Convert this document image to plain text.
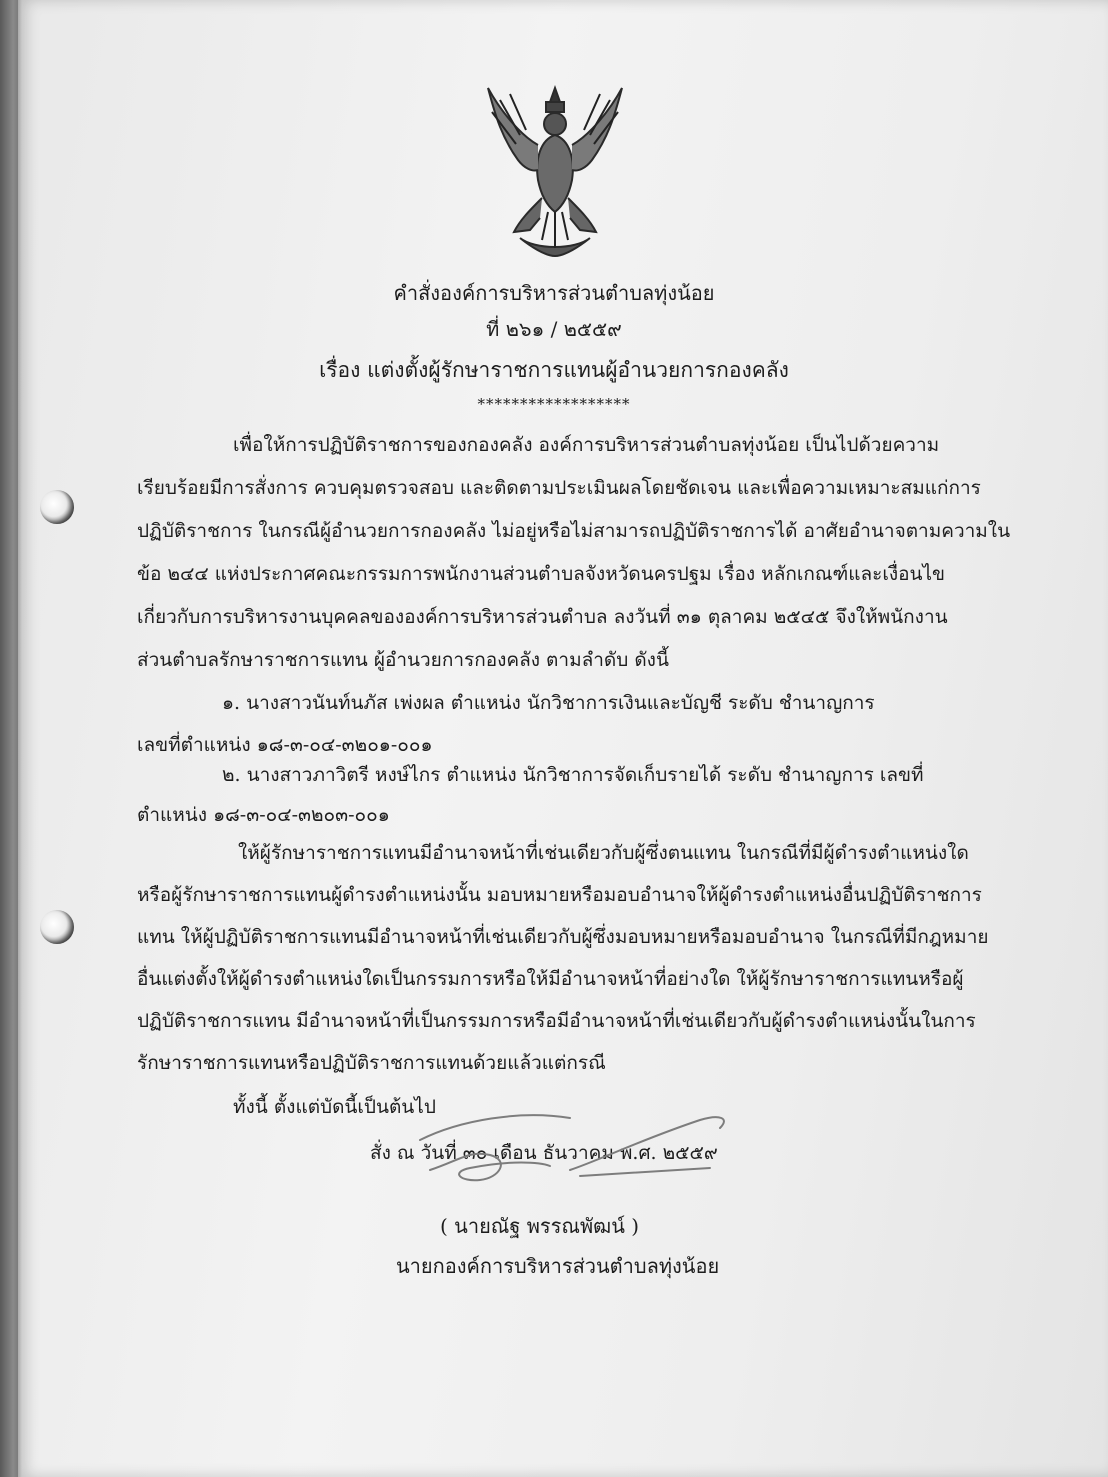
คำสั่งองค์การบริหารส่วนตำบลทุ่งน้อย
ที่ ๒๖๑ / ๒๕๕๙
เรื่อง แต่งตั้งผู้รักษาราชการแทนผู้อำนวยการกองคลัง
******************
เพื่อให้การปฏิบัติราชการของกองคลัง องค์การบริหารส่วนตำบลทุ่งน้อย เป็นไปด้วยความ
เรียบร้อยมีการสั่งการ ควบคุมตรวจสอบ และติดตามประเมินผลโดยชัดเจน และเพื่อความเหมาะสมแก่การ
ปฏิบัติราชการ ในกรณีผู้อำนวยการกองคลัง ไม่อยู่หรือไม่สามารถปฏิบัติราชการได้ อาศัยอำนาจตามความใน
ข้อ ๒๔๔ แห่งประกาศคณะกรรมการพนักงานส่วนตำบลจังหวัดนครปฐม เรื่อง หลักเกณฑ์และเงื่อนไข
เกี่ยวกับการบริหารงานบุคคลขององค์การบริหารส่วนตำบล ลงวันที่ ๓๑ ตุลาคม ๒๕๔๕ จึงให้พนักงาน
ส่วนตำบลรักษาราชการแทน ผู้อำนวยการกองคลัง ตามลำดับ ดังนี้
๑. นางสาวนันท์นภัส เพ่งผล ตำแหน่ง นักวิชาการเงินและบัญชี ระดับ ชำนาญการ
เลขที่ตำแหน่ง ๑๘-๓-๐๔-๓๒๐๑-๐๐๑
๒. นางสาวภาวิตรี หงษ์ไกร ตำแหน่ง นักวิชาการจัดเก็บรายได้ ระดับ ชำนาญการ เลขที่
ตำแหน่ง ๑๘-๓-๐๔-๓๒๐๓-๐๐๑
ให้ผู้รักษาราชการแทนมีอำนาจหน้าที่เช่นเดียวกับผู้ซึ่งตนแทน ในกรณีที่มีผู้ดำรงตำแหน่งใด
หรือผู้รักษาราชการแทนผู้ดำรงตำแหน่งนั้น มอบหมายหรือมอบอำนาจให้ผู้ดำรงตำแหน่งอื่นปฏิบัติราชการ
แทน ให้ผู้ปฏิบัติราชการแทนมีอำนาจหน้าที่เช่นเดียวกับผู้ซึ่งมอบหมายหรือมอบอำนาจ ในกรณีที่มีกฎหมาย
อื่นแต่งตั้งให้ผู้ดำรงตำแหน่งใดเป็นกรรมการหรือให้มีอำนาจหน้าที่อย่างใด ให้ผู้รักษาราชการแทนหรือผู้
ปฏิบัติราชการแทน มีอำนาจหน้าที่เป็นกรรมการหรือมีอำนาจหน้าที่เช่นเดียวกับผู้ดำรงตำแหน่งนั้นในการ
รักษาราชการแทนหรือปฏิบัติราชการแทนด้วยแล้วแต่กรณี
ทั้งนี้ ตั้งแต่บัดนี้เป็นต้นไป
สั่ง ณ วันที่ ๓๐ เดือน ธันวาคม พ.ศ. ๒๕๕๙
( นายณัฐ พรรณพัฒน์ )
นายกองค์การบริหารส่วนตำบลทุ่งน้อย
